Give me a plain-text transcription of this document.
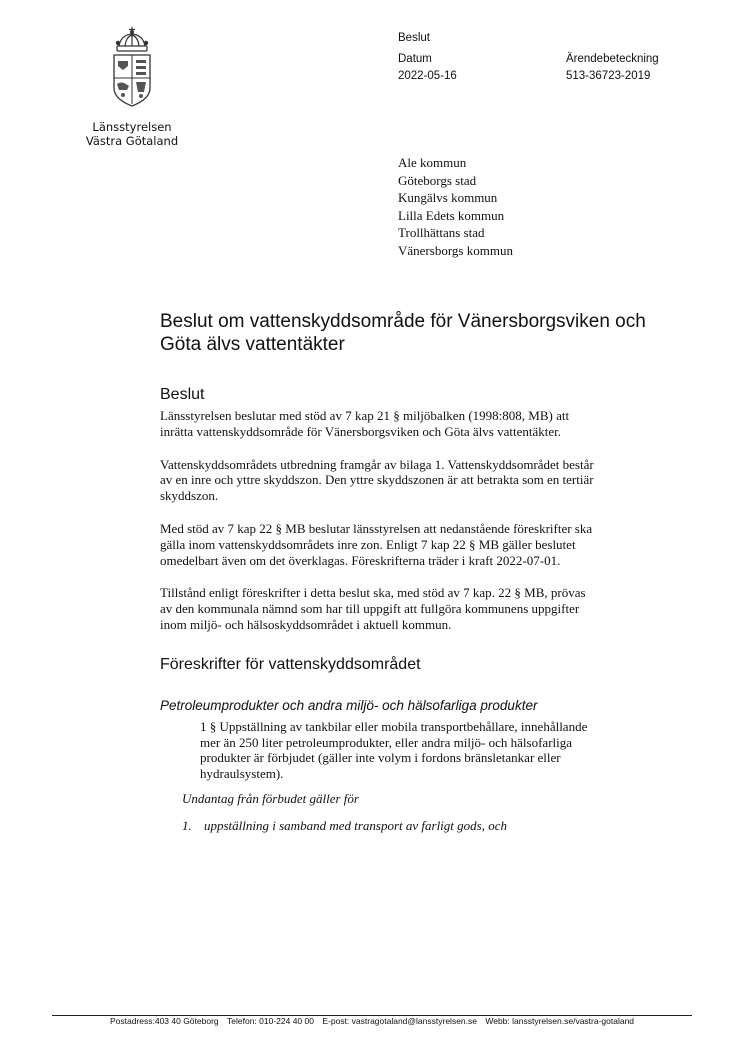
Länsstyrelsen
Västra Götaland
Beslut
Datum	Ärendebeteckning
2022-05-16	513-36723-2019
Ale kommun
Göteborgs stad
Kungälvs kommun
Lilla Edets kommun
Trollhättans stad
Vänersborgs kommun
Beslut om vattenskyddsområde för Vänersborgsviken och Göta älvs vattentäkter
Beslut

Länsstyrelsen beslutar med stöd av 7 kap 21 § miljöbalken (1998:808, MB) att inrätta vattenskyddsområde för Vänersborgsviken och Göta älvs vattentäkter.

Vattenskyddsområdets utbredning framgår av bilaga 1. Vattenskyddsområdet består av en inre och yttre skyddszon. Den yttre skyddszonen är att betrakta som en tertiär skyddszon.

Med stöd av 7 kap 22 § MB beslutar länsstyrelsen att nedanstående föreskrifter ska gälla inom vattenskyddsområdets inre zon. Enligt 7 kap 22 § MB gäller beslutet omedelbart även om det överklagas. Föreskrifterna träder i kraft 2022-07-01.

Tillstånd enligt föreskrifter i detta beslut ska, med stöd av 7 kap. 22 § MB, prövas av den kommunala nämnd som har till uppgift att fullgöra kommunens uppgifter inom miljö- och hälsoskyddsområdet i aktuell kommun.

Föreskrifter för vattenskyddsområdet

Petroleumprodukter och andra miljö- och hälsofarliga produkter

1 § Uppställning av tankbilar eller mobila transportbehållare, innehållande mer än 250 liter petroleumprodukter, eller andra miljö- och hälsofarliga produkter är förbjudet (gäller inte volym i fordons bränsletankar eller hydraulsystem).

Undantag från förbudet gäller för

1. uppställning i samband med transport av farligt gods, och
Postadress:403 40 Göteborg Telefon: 010-224 40 00 E-post: vastragotaland@lansstyrelsen.se Webb: lansstyrelsen.se/vastra-gotaland
